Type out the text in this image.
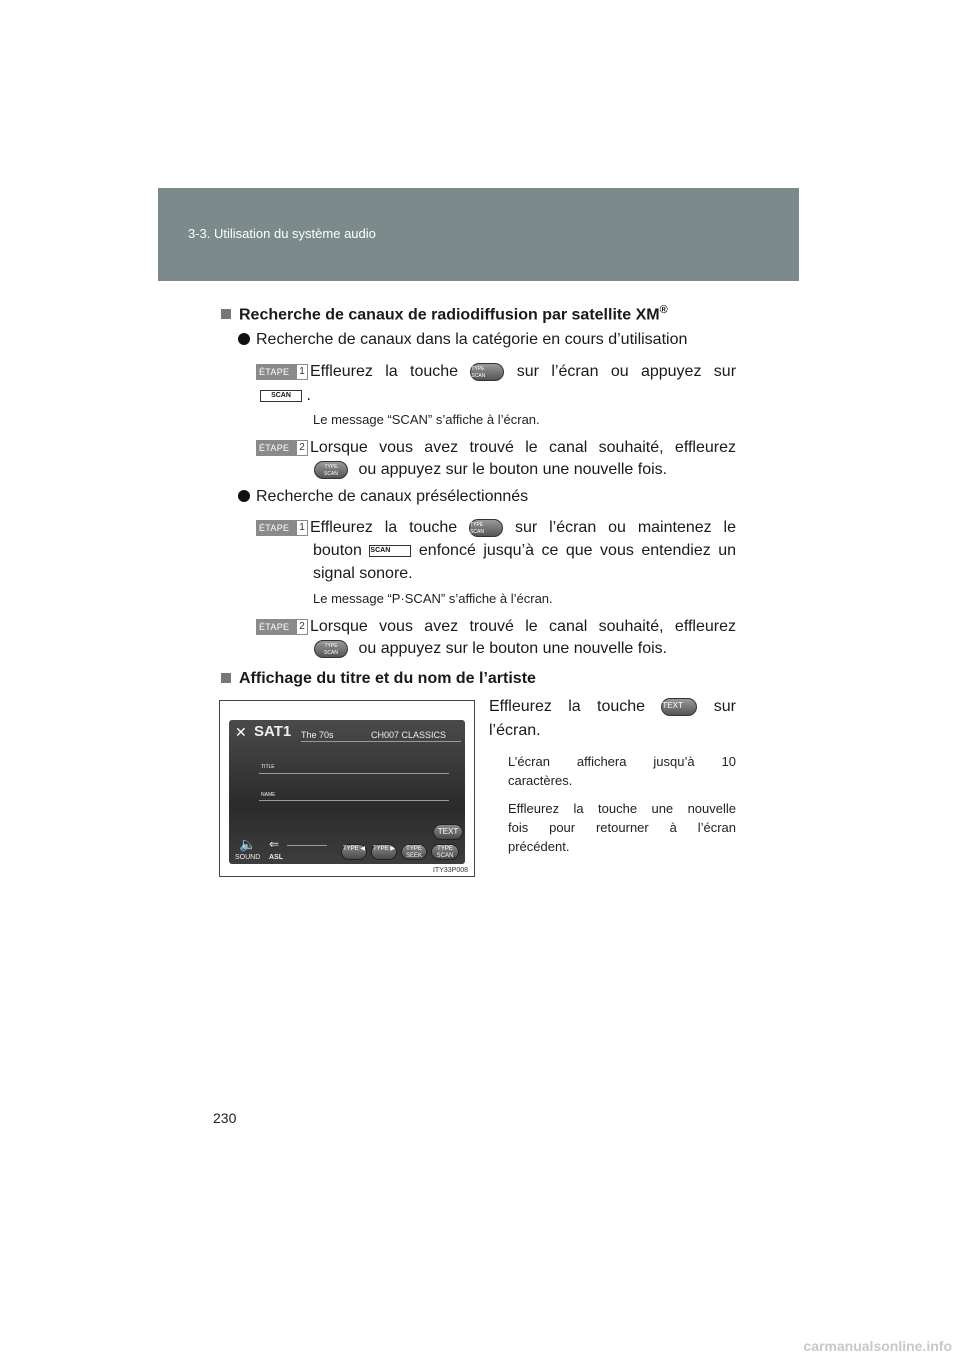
3-3. Utilisation du système audio
Recherche de canaux de radiodiffusion par satellite XM®
Recherche de canaux dans la catégorie en cours d’utilisation
ÉTAPE 1 Effleurez la touche	TYPE
SCAN sur l’écran ou appuyez sur
SCAN .
Le message “SCAN” s’affiche à l’écran.
ÉTAPE 2 Lorsque vous avez trouvé le canal souhaité, effleurez
TYPE
SCAN ou appuyez sur le bouton une nouvelle fois.
Recherche de canaux présélectionnés
ÉTAPE 1 Effleurez la touche	TYPE
SCAN sur l’écran ou maintenez le
bouton SCAN enfoncé jusqu’à ce que vous entendiez un
signal sonore.
Le message “P·SCAN” s’affiche à l’écran.
ÉTAPE 2 Lorsque vous avez trouvé le canal souhaité, effleurez
TYPE
SCAN ou appuyez sur le bouton une nouvelle fois.
Affichage du titre et du nom de l’artiste
Effleurez la touche TEXT sur
l’écran.
L’écran affichera jusqu’à 10
caractères.
Effleurez la touche une nouvelle
fois pour retourner à l’écran
précédent.
✕ SAT1 The 70s	CH007 CLASSICS
TITLE
NAME
TEXT
🔈 ⇐
SOUND ASL
TYPE ◀	TYPE ▶	TYPE SEEK
TYPE SCAN
ITY33P008
230
carmanualsonline.info
